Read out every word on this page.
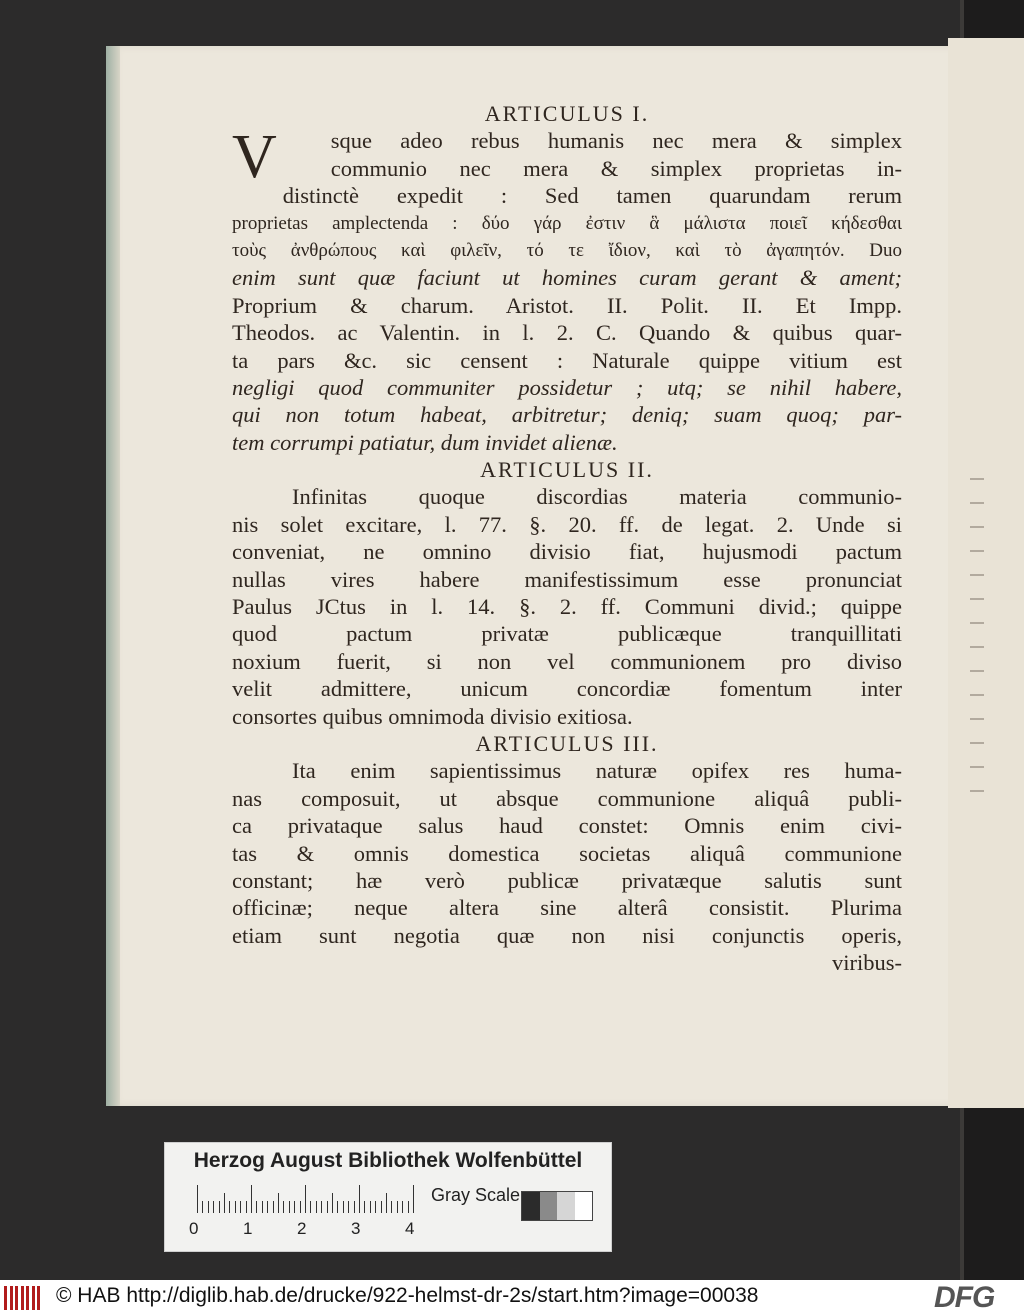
ARTICULUS I.
V	sque adeo rebus humanis nec mera & simplex
communio nec mera & simplex proprietas in-
distinctè expedit : Sed tamen quarundam rerum
proprietas amplectenda : δύο γάρ ἐστιν ἃ μάλιστα ποιεῖ κήδεσθαι
τοὺς ἀνθρώπους καὶ φιλεῖν, τό τε ἴδιον, καὶ τὸ ἀγαπητόν. Duo
enim sunt quæ faciunt ut homines curam gerant & ament;
Proprium & charum. Aristot. II. Polit. II. Et Impp.
Theodos. ac Valentin. in l. 2. C. Quando & quibus quar-
ta pars &c. sic censent : Naturale quippe vitium est
negligi quod communiter possidetur ; utq; se nihil habere,
qui non totum habeat, arbitretur; deniq; suam quoq; par-
tem corrumpi patiatur, dum invidet alienæ.
ARTICULUS II.
Infinitas quoque discordias materia communio-
nis solet excitare, l. 77. §. 20. ff. de legat. 2. Unde si
conveniat, ne omnino divisio fiat, hujusmodi pactum
nullas vires habere manifestissimum esse pronunciat
Paulus JCtus in l. 14. §. 2. ff. Communi divid.; quippe
quod pactum privatæ publicæque tranquillitati
noxium fuerit, si non vel communionem pro diviso
velit admittere, unicum concordiæ fomentum inter
consortes quibus omnimoda divisio exitiosa.
ARTICULUS III.
Ita enim sapientissimus naturæ opifex res huma-
nas composuit, ut absque communione aliquâ publi-
ca privataque salus haud constet: Omnis enim civi-
tas & omnis domestica societas aliquâ communione
constant; hæ verò publicæ privatæque salutis sunt
officinæ; neque altera sine alterâ consistit. Plurima
etiam sunt negotia quæ non nisi conjunctis operis,
viribus-
Herzog August Bibliothek Wolfenbüttel
0	1	2	3	4
Gray Scale
© HAB http://diglib.hab.de/drucke/922-helmst-dr-2s/start.htm?image=00038	DFG
